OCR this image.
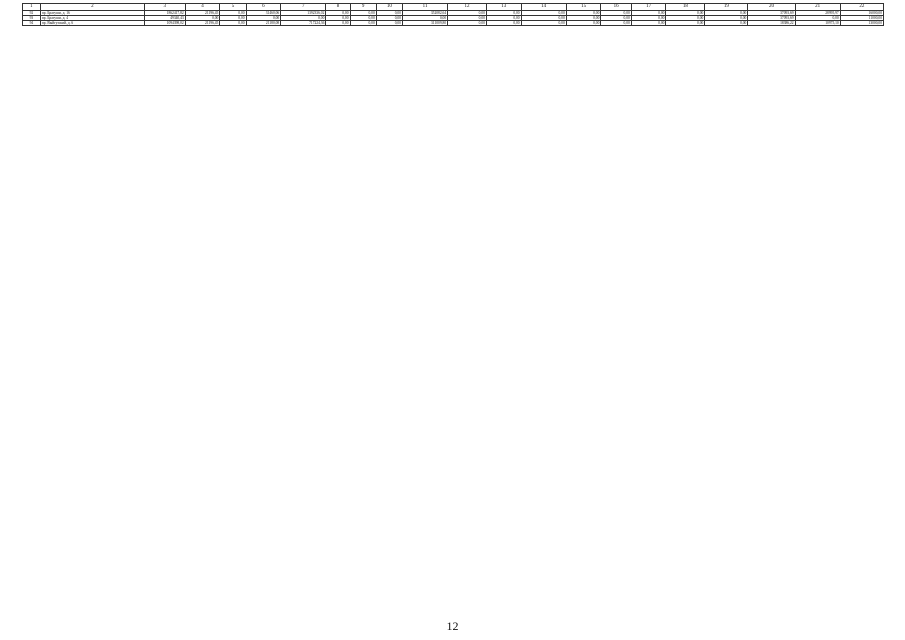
1	2	3	4	5	6	7	8	9	10	11	12	13	14	15	16	17	18	19	20	21	22
92	пр. Брагуши, д. 16	1862417,82	21196,45	0,00	31460,06	1392336,02	0,00	0,00	0,00	352082,64	0,00	0,00	0,00	0,00	0,00	0,00	0,00	0,00	37093,69	28995,97	16000,00
93	пр. Брагуши, д. 4	49340,43	0,00	0,00	0,00	0,00	0,00	0,00	0,00	0,00	0,00	0,00	0,00	0,00	0,00	0,00	0,00	0,00	37093,69	0,00	11000,00
94	пр. Выйгузский, д. 6	1094398,02	21196,45	0,00	21180,08	717224,36	0,00	0,00	0,00	311009,80	0,00	0,00	0,00	0,00	0,00	0,00	0,00	0,00	18386,22	10975,10	13000,00
12
